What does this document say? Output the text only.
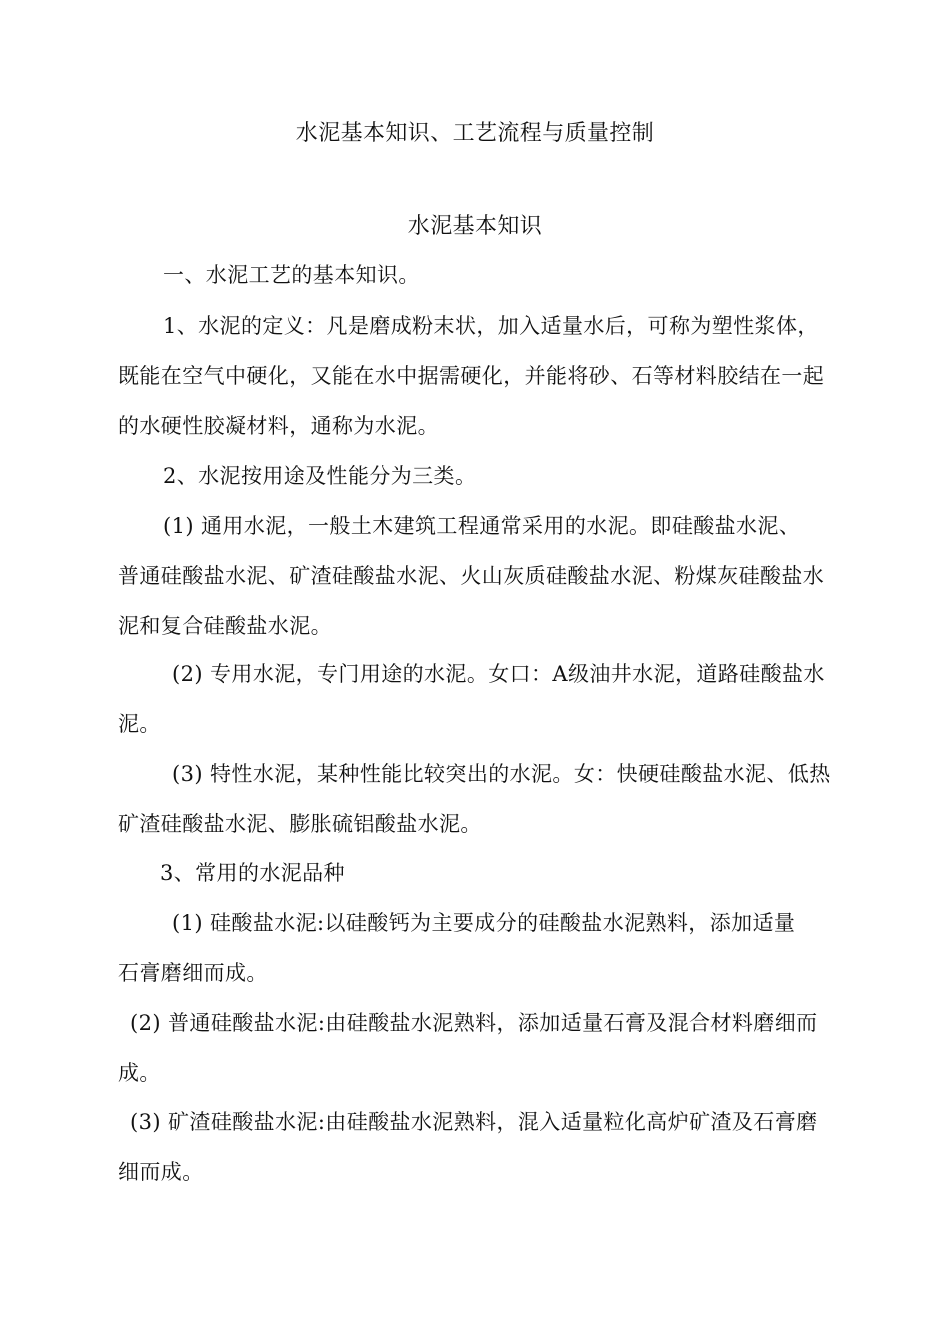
水泥基本知识、工艺流程与质量控制
水泥基本知识
一、水泥工艺的基本知识。
1、水泥的定义：凡是磨成粉末状，加入适量水后，可称为塑性浆体，
既能在空气中硬化，又能在水中据需硬化，并能将砂、石等材料胶结在一起
的水硬性胶凝材料，通称为水泥。
2、水泥按用途及性能分为三类。
(1) 通用水泥，一般土木建筑工程通常采用的水泥。即硅酸盐水泥、
普通硅酸盐水泥、矿渣硅酸盐水泥、火山灰质硅酸盐水泥、粉煤灰硅酸盐水
泥和复合硅酸盐水泥。
(2) 专用水泥，专门用途的水泥。女口：A级油井水泥，道路硅酸盐水
泥。
(3) 特性水泥，某种性能比较突出的水泥。女：快硬硅酸盐水泥、低热
矿渣硅酸盐水泥、膨胀硫铝酸盐水泥。
3、常用的水泥品种
(1) 硅酸盐水泥:以硅酸钙为主要成分的硅酸盐水泥熟料，添加适量
石膏磨细而成。
(2) 普通硅酸盐水泥:由硅酸盐水泥熟料，添加适量石膏及混合材料磨细而
成。
(3) 矿渣硅酸盐水泥:由硅酸盐水泥熟料，混入适量粒化高炉矿渣及石膏磨
细而成。
